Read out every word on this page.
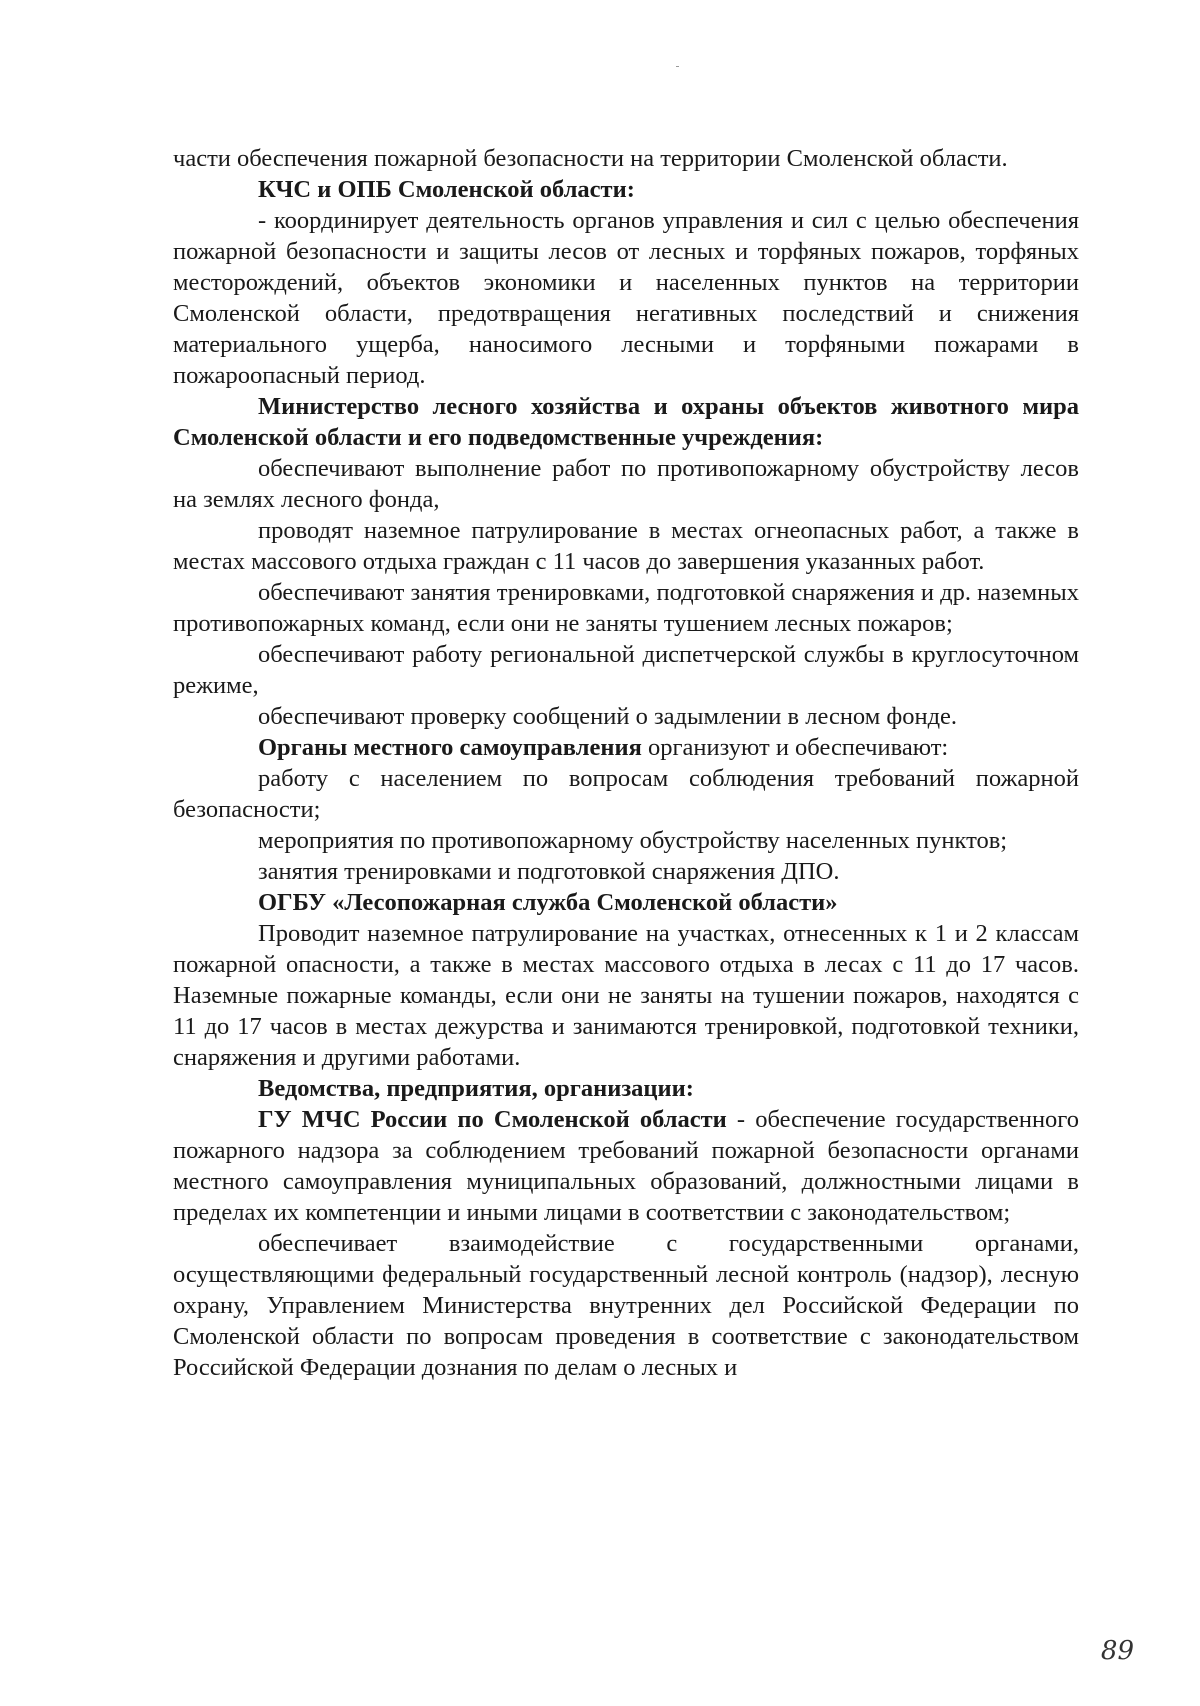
части обеспечения пожарной безопасности на территории Смоленской области.

КЧС и ОПБ Смоленской области:

- координирует деятельность органов управления и сил с целью обеспечения пожарной безопасности и защиты лесов от лесных и торфяных пожаров, торфяных месторождений, объектов экономики и населенных пунктов на территории Смоленской области, предотвращения негативных последствий и снижения материального ущерба, наносимого лесными и торфяными пожарами в пожароопасный период.

Министерство лесного хозяйства и охраны объектов животного мира Смоленской области и его подведомственные учреждения:

обеспечивают выполнение работ по противопожарному обустройству лесов на землях лесного фонда,

проводят наземное патрулирование в местах огнеопасных работ, а также в местах массового отдыха граждан с 11 часов до завершения указанных работ.

обеспечивают занятия тренировками, подготовкой снаряжения и др. наземных противопожарных команд, если они не заняты тушением лесных пожаров;

обеспечивают работу региональной диспетчерской службы в круглосуточном режиме,

обеспечивают проверку сообщений о задымлении в лесном фонде.

Органы местного самоуправления организуют и обеспечивают:

работу с населением по вопросам соблюдения требований пожарной безопасности;

мероприятия по противопожарному обустройству населенных пунктов;

занятия тренировками и подготовкой снаряжения ДПО.

ОГБУ «Лесопожарная служба Смоленской области»

Проводит наземное патрулирование на участках, отнесенных к 1 и 2 классам пожарной опасности, а также в местах массового отдыха в лесах с 11 до 17 часов. Наземные пожарные команды, если они не заняты на тушении пожаров, находятся с 11 до 17 часов в местах дежурства и занимаются тренировкой, подготовкой техники, снаряжения и другими работами.

Ведомства, предприятия, организации:

ГУ МЧС России по Смоленской области - обеспечение государственного пожарного надзора за соблюдением требований пожарной безопасности органами местного самоуправления муниципальных образований, должностными лицами в пределах их компетенции и иными лицами в соответствии с законодательством;

обеспечивает взаимодействие с государственными органами, осуществляющими федеральный государственный лесной контроль (надзор), лесную охрану, Управлением Министерства внутренних дел Российской Федерации по Смоленской области по вопросам проведения в соответствие с законодательством Российской Федерации дознания по делам о лесных и

89
